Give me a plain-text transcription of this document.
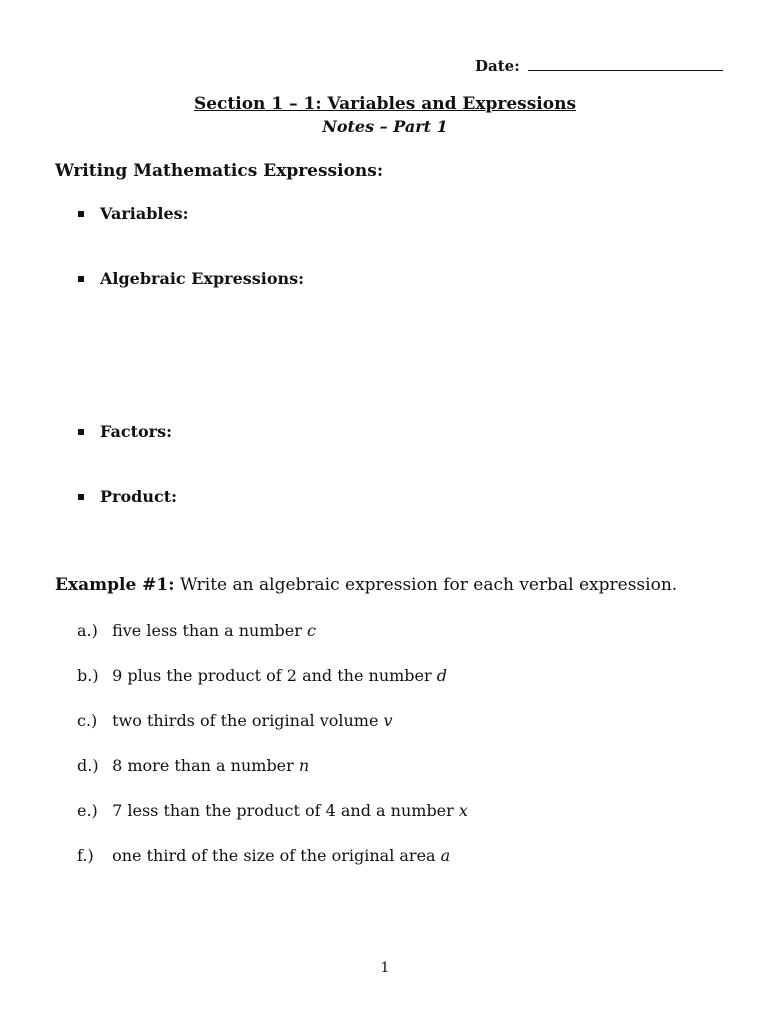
Date:
Section 1 – 1: Variables and Expressions
Notes – Part 1
Writing Mathematics Expressions:
Variables:
Algebraic Expressions:
Factors:
Product:
Example #1: Write an algebraic expression for each verbal expression.
a.) five less than a number c
b.) 9 plus the product of 2 and the number d
c.) two thirds of the original volume v
d.) 8 more than a number n
e.) 7 less than the product of 4 and a number x
f.) one third of the size of the original area a
1
